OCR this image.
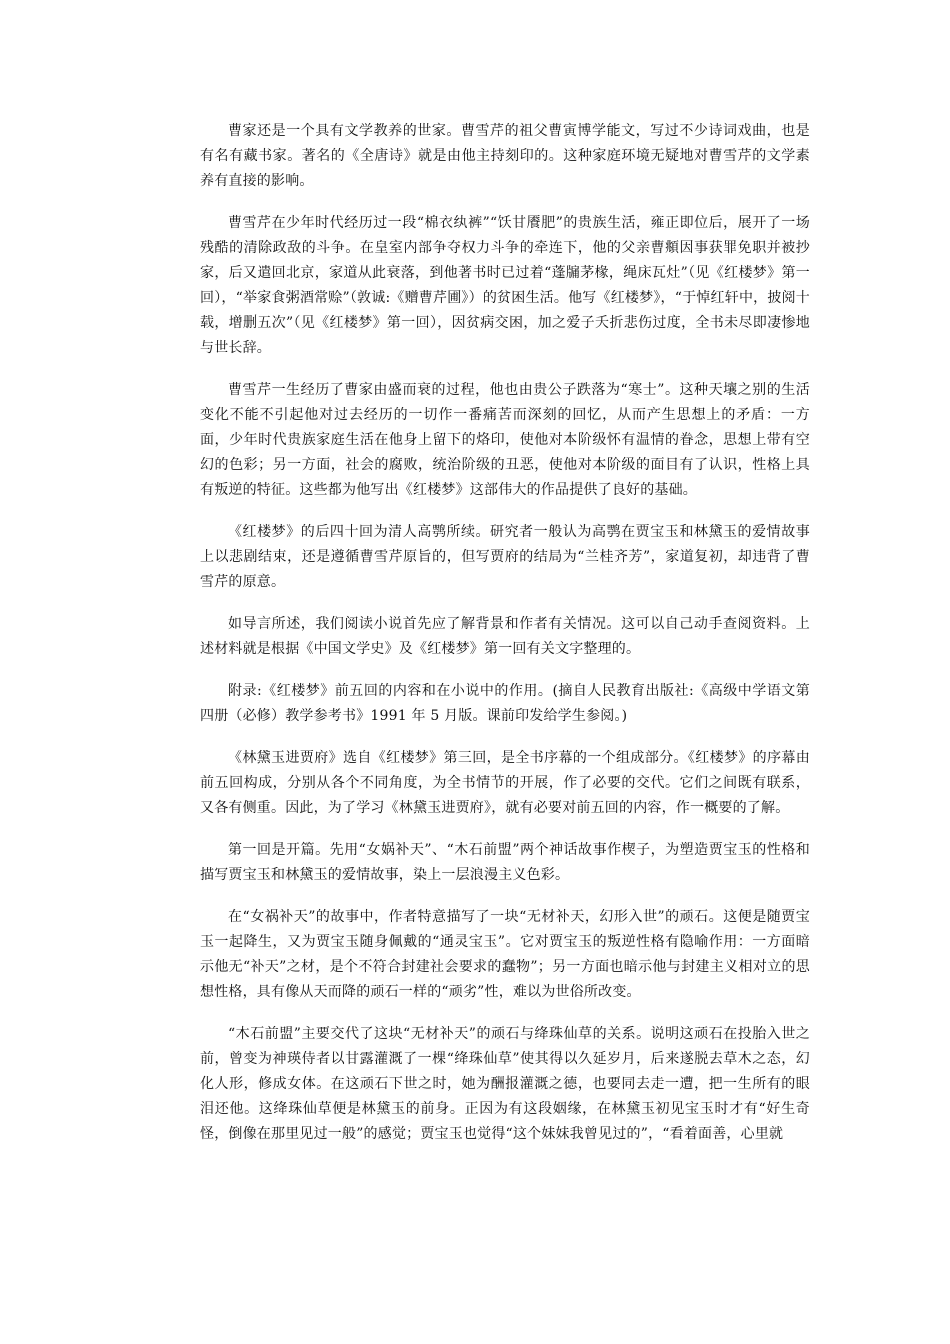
曹家还是一个具有文学教养的世家。曹雪芹的祖父曹寅博学能文，写过不少诗词戏曲，也是有名有藏书家。著名的《全唐诗》就是由他主持刻印的。这种家庭环境无疑地对曹雪芹的文学素养有直接的影响。

曹雪芹在少年时代经历过一段“棉衣纨裤”“饫甘餍肥”的贵族生活，雍正即位后，展开了一场残酷的清除政敌的斗争。在皇室内部争夺权力斗争的牵连下，他的父亲曹頫因事获罪免职并被抄家，后又遣回北京，家道从此衰落，到他著书时已过着“蓬牖茅椽，绳床瓦灶”（见《红楼梦》第一回），“举家食粥酒常赊”（敦诚:《赠曹芹圃》）的贫困生活。他写《红楼梦》，“于悼红轩中，披阅十载，增删五次”（见《红楼梦》第一回），因贫病交困，加之爱子夭折悲伤过度，全书未尽即凄惨地与世长辞。

曹雪芹一生经历了曹家由盛而衰的过程，他也由贵公子跌落为“寒士”。这种天壤之别的生活变化不能不引起他对过去经历的一切作一番痛苦而深刻的回忆，从而产生思想上的矛盾：一方面，少年时代贵族家庭生活在他身上留下的烙印，使他对本阶级怀有温情的眷念，思想上带有空幻的色彩；另一方面，社会的腐败，统治阶级的丑恶，使他对本阶级的面目有了认识，性格上具有叛逆的特征。这些都为他写出《红楼梦》这部伟大的作品提供了良好的基础。

《红楼梦》的后四十回为清人高鹗所续。研究者一般认为高鹗在贾宝玉和林黛玉的爱情故事上以悲剧结束，还是遵循曹雪芹原旨的，但写贾府的结局为“兰桂齐芳”，家道复初，却违背了曹雪芹的原意。

如导言所述，我们阅读小说首先应了解背景和作者有关情况。这可以自己动手查阅资料。上述材料就是根据《中国文学史》及《红楼梦》第一回有关文字整理的。

附录:《红楼梦》前五回的内容和在小说中的作用。(摘自人民教育出版社:《高级中学语文第四册（必修）教学参考书》1991 年 5 月版。课前印发给学生参阅。)

《林黛玉进贾府》选自《红楼梦》第三回，是全书序幕的一个组成部分。《红楼梦》的序幕由前五回构成，分别从各个不同角度，为全书情节的开展，作了必要的交代。它们之间既有联系，又各有侧重。因此，为了学习《林黛玉进贾府》，就有必要对前五回的内容，作一概要的了解。

第一回是开篇。先用“女娲补天”、“木石前盟”两个神话故事作楔子，为塑造贾宝玉的性格和描写贾宝玉和林黛玉的爱情故事，染上一层浪漫主义色彩。

在“女祸补天”的故事中，作者特意描写了一块“无材补天，幻形入世”的顽石。这便是随贾宝玉一起降生，又为贾宝玉随身佩戴的“通灵宝玉”。它对贾宝玉的叛逆性格有隐喻作用：一方面暗示他无“补天”之材，是个不符合封建社会要求的蠢物”；另一方面也暗示他与封建主义相对立的思想性格，具有像从天而降的顽石一样的“顽劣”性，难以为世俗所改变。

“木石前盟”主要交代了这块“无材补天”的顽石与绛珠仙草的关系。说明这顽石在投胎入世之前，曾变为神瑛侍者以甘露灌溉了一棵“绛珠仙草”使其得以久延岁月，后来遂脱去草木之态，幻化人形，修成女体。在这顽石下世之时，她为酬报灌溉之德，也要同去走一遭，把一生所有的眼泪还他。这绛珠仙草便是林黛玉的前身。正因为有这段姻缘，在林黛玉初见宝玉时才有“好生奇怪，倒像在那里见过一般”的感觉；贾宝玉也觉得“这个妹妹我曾见过的”，“看着面善，心里就
